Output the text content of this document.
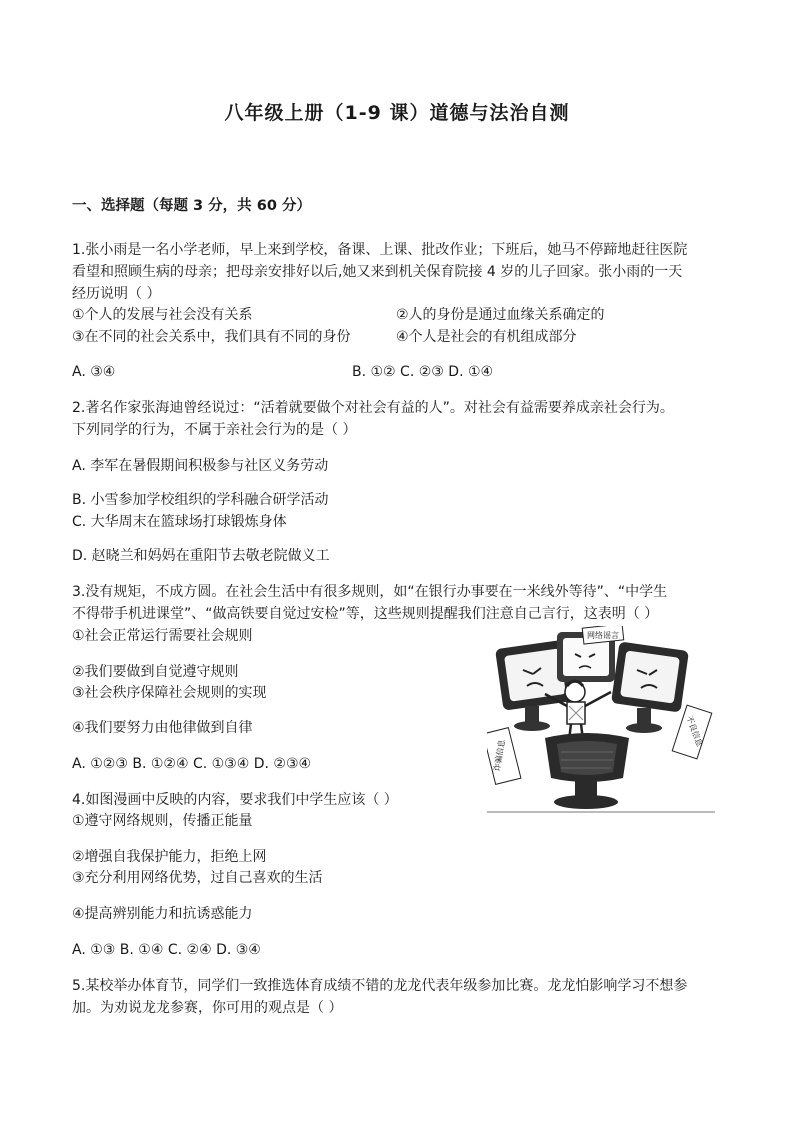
八年级上册（1-9 课）道德与法治自测
一、选择题（每题 3 分，共 60 分）
1.张小雨是一名小学老师，早上来到学校，备课、上课、批改作业；下班后，她马不停蹄地赶往医院
看望和照顾生病的母亲；把母亲安排好以后,她又来到机关保育院接 4 岁的儿子回家。张小雨的一天
经历说明（ ）
①个人的发展与社会没有关系	②人的身份是通过血缘关系确定的
③在不同的社会关系中，我们具有不同的身份	④个人是社会的有机组成部分
A. ③④	B. ①② C. ②③ D. ①④
2.著名作家张海迪曾经说过：“活着就要做个对社会有益的人”。对社会有益需要养成亲社会行为。
下列同学的行为，不属于亲社会行为的是（ ）
A. 李军在暑假期间积极参与社区义务劳动
B. 小雪参加学校组织的学科融合研学活动
C. 大华周末在篮球场打球锻炼身体
D. 赵晓兰和妈妈在重阳节去敬老院做义工
3.没有规矩，不成方圆。在社会生活中有很多规则，如“在银行办事要在一米线外等待”、“中学生
不得带手机进课堂”、“做高铁要自觉过安检”等，这些规则提醒我们注意自己言行，这表明（ ）
①社会正常运行需要社会规则
②我们要做到自觉遵守规则
③社会秩序保障社会规则的实现
④我们要努力由他律做到自律
A. ①②③ B. ①②④ C. ①③④ D. ②③④
网络谣言
诈骗信息
不良信息
4.如图漫画中反映的内容，要求我们中学生应该（ ）
①遵守网络规则，传播正能量
②增强自我保护能力，拒绝上网
③充分利用网络优势，过自己喜欢的生活
④提高辨别能力和抗诱惑能力
A. ①③ B. ①④ C. ②④ D. ③④
5.某校举办体育节，同学们一致推选体育成绩不错的龙龙代表年级参加比赛。龙龙怕影响学习不想参
加。为劝说龙龙参赛，你可用的观点是（ ）
